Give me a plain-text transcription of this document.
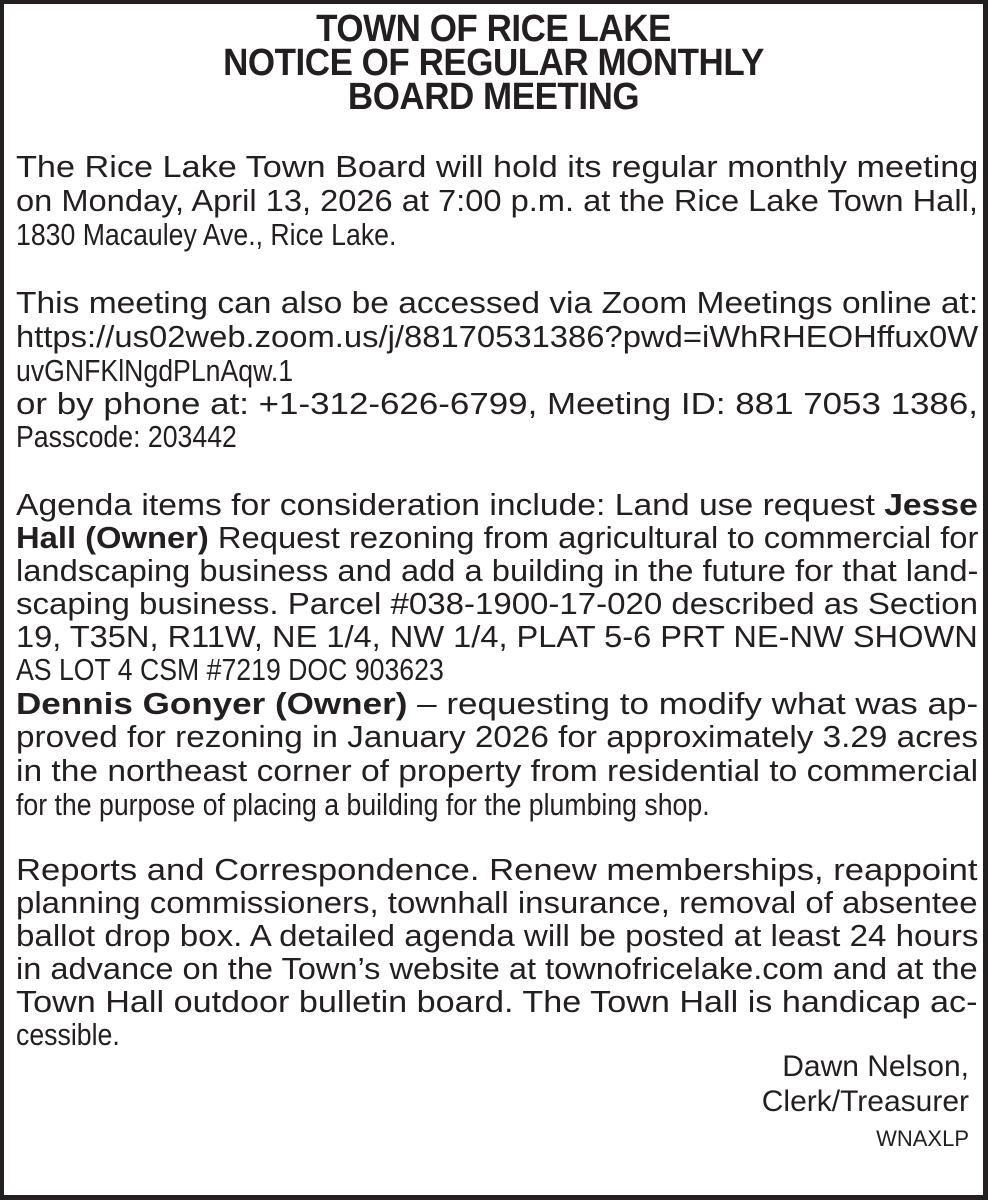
TOWN OF RICE LAKE
NOTICE OF REGULAR MONTHLY
BOARD MEETING
The Rice Lake Town Board will hold its regular monthly meeting
on Monday, April 13, 2026 at 7:00 p.m. at the Rice Lake Town Hall,
1830 Macauley Ave., Rice Lake.
This meeting can also be accessed via Zoom Meetings online at:
https://us02web.zoom.us/j/88170531386?pwd=iWhRHEOHffux0W
uvGNFKlNgdPLnAqw.1
or by phone at: +1-312-626-6799, Meeting ID: 881 7053 1386,
Passcode: 203442
Agenda items for consideration include: Land use request Jesse
Hall (Owner) Request rezoning from agricultural to commercial for
landscaping business and add a building in the future for that land-
scaping business. Parcel #038-1900-17-020 described as Section
19, T35N, R11W, NE 1/4, NW 1/4, PLAT 5-6 PRT NE-NW SHOWN
AS LOT 4 CSM #7219 DOC 903623
Dennis Gonyer (Owner) – requesting to modify what was ap-
proved for rezoning in January 2026 for approximately 3.29 acres
in the northeast corner of property from residential to commercial
for the purpose of placing a building for the plumbing shop.
Reports and Correspondence. Renew memberships, reappoint
planning commissioners, townhall insurance, removal of absentee
ballot drop box. A detailed agenda will be posted at least 24 hours
in advance on the Town’s website at townofricelake.com and at the
Town Hall outdoor bulletin board. The Town Hall is handicap ac-
cessible.
Dawn Nelson,
Clerk/Treasurer
WNAXLP
